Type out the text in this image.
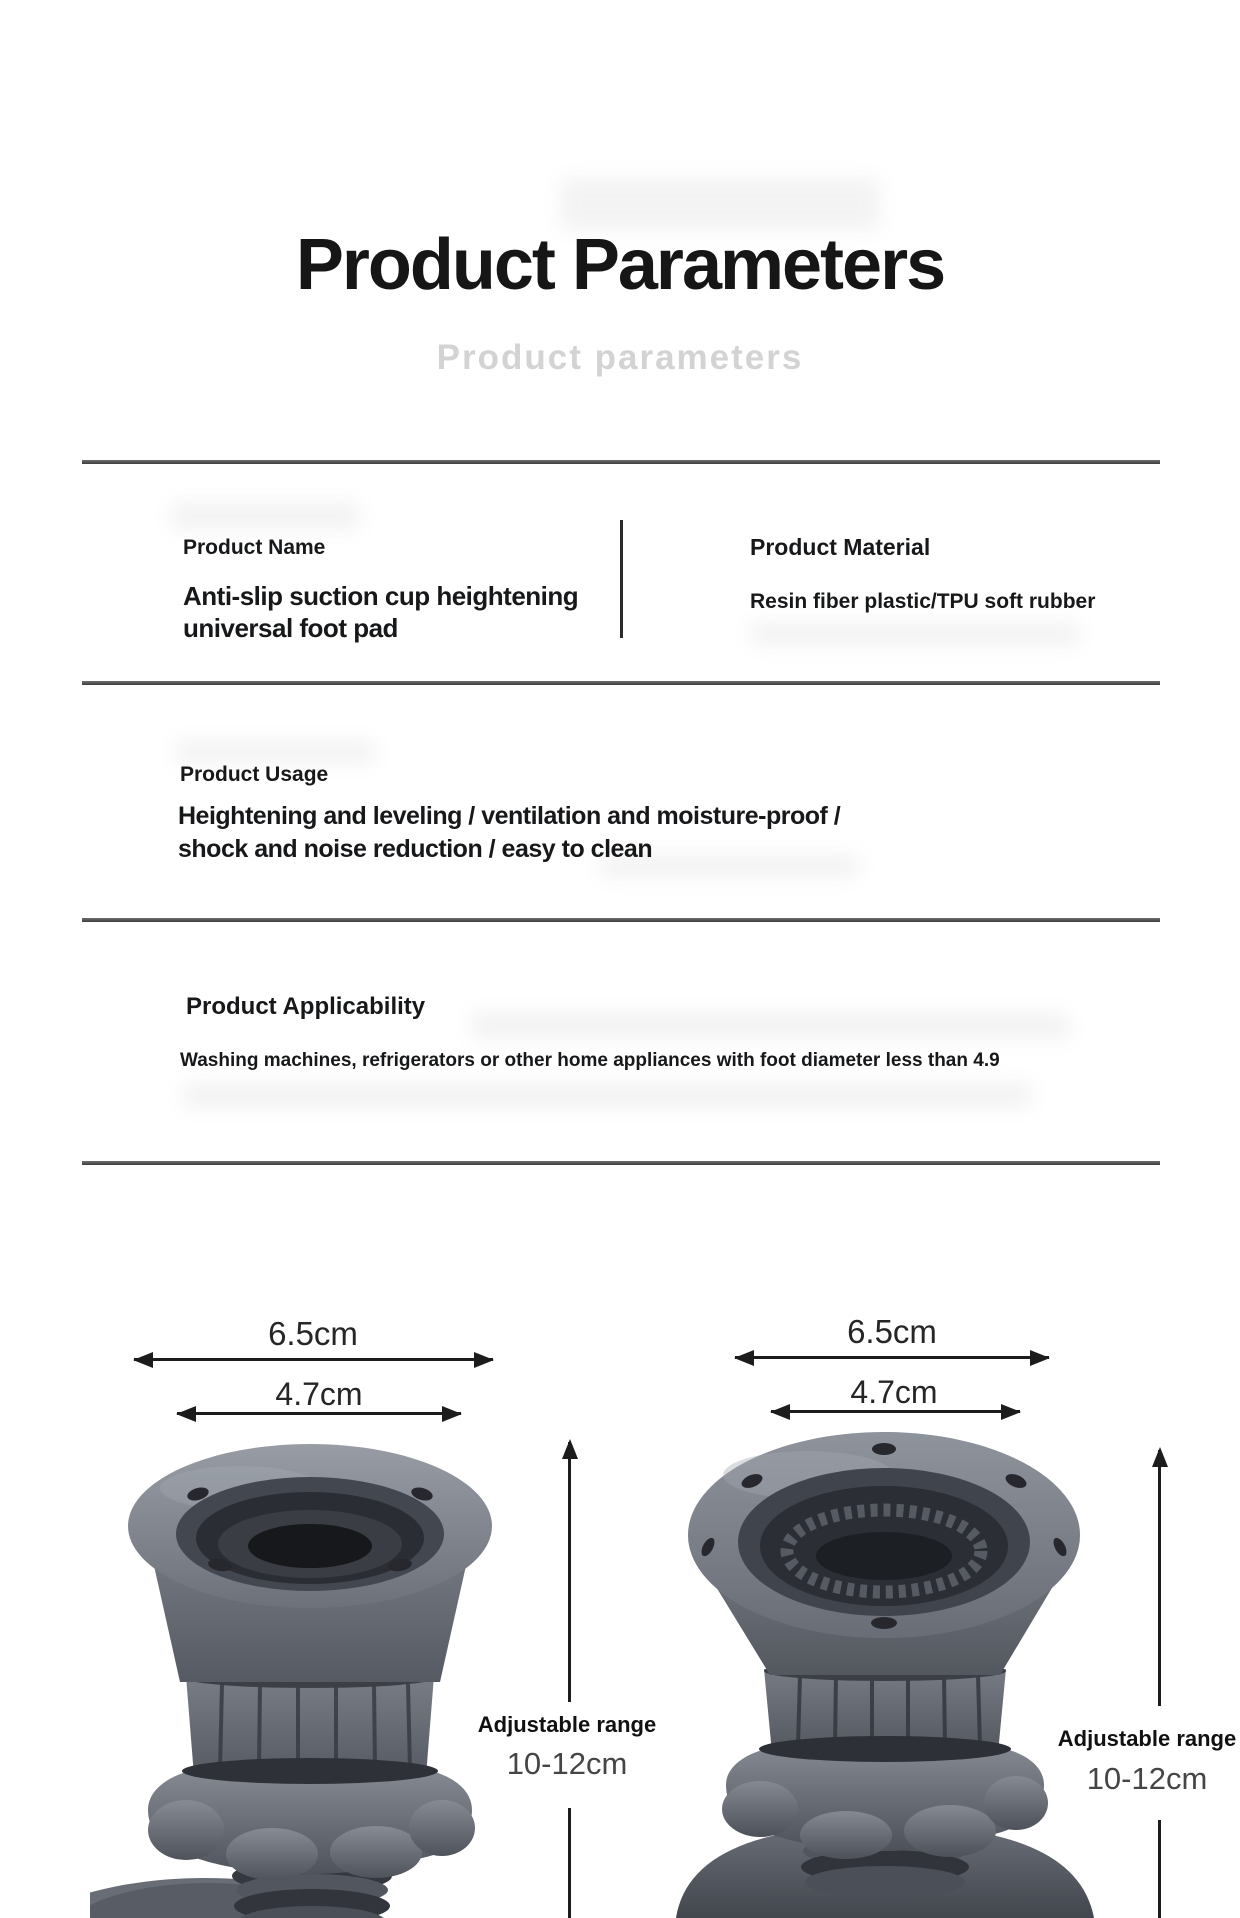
Product Parameters
Product parameters
Product Name
Anti-slip suction cup heightening
universal foot pad
Product Material
Resin fiber plastic/TPU soft rubber
Product Usage
Heightening and leveling / ventilation and moisture-proof /
shock and noise reduction / easy to clean
Product Applicability
Washing machines, refrigerators or other home appliances with foot diameter less than 4.9
6.5cm
4.7cm
Adjustable range
10-12cm
6.5cm
4.7cm
Adjustable range
10-12cm
